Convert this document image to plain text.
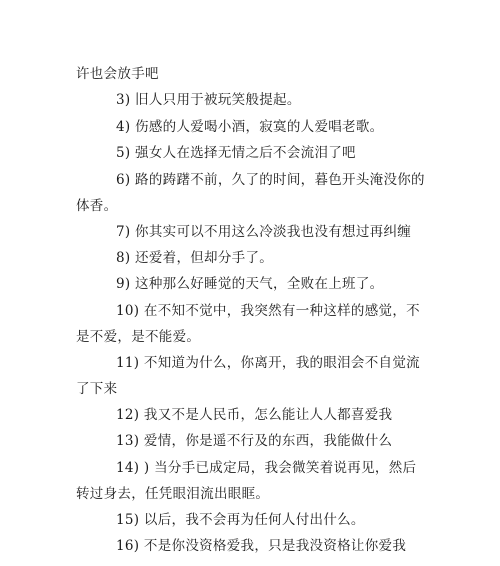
许也会放手吧
3) 旧人只用于被玩笑般提起。
4) 伤感的人爱喝小酒，寂寞的人爱唱老歌。
5) 强女人在选择无情之后不会流泪了吧
6) 路的踌躇不前，久了的时间，暮色开头淹没你的
体香。
7) 你其实可以不用这么冷淡我也没有想过再纠缠
8) 还爱着，但却分手了。
9) 这种那么好睡觉的天气，全败在上班了。
10) 在不知不觉中，我突然有一种这样的感觉，不
是不爱，是不能爱。
11) 不知道为什么，你离开，我的眼泪会不自觉流
了下来
12) 我又不是人民币，怎么能让人人都喜爱我
13) 爱情，你是遥不行及的东西，我能做什么
14) ) 当分手已成定局，我会微笑着说再见，然后
转过身去，任凭眼泪流出眼眶。
15) 以后，我不会再为任何人付出什么。
16) 不是你没资格爱我，只是我没资格让你爱我
